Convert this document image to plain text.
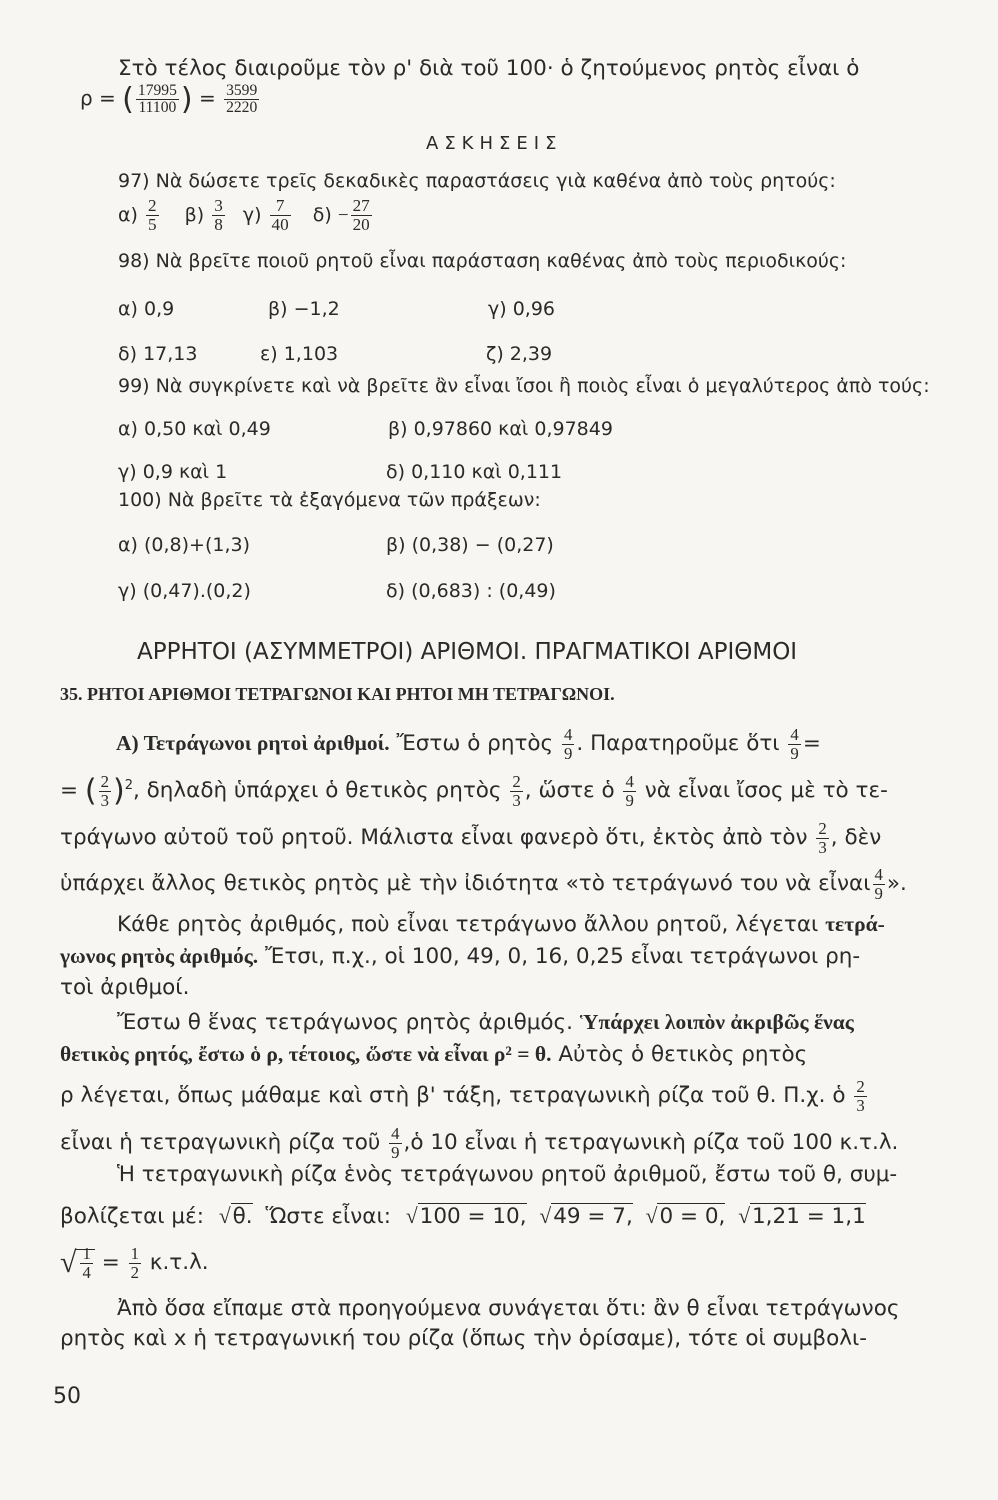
Στὸ τέλος διαιροῦμε τὸν ρ' διὰ τοῦ 100· ὁ ζητούμενος ρητὸς εἶναι ὁ
ρ = ( $\frac{17995}{11100}$ ) = $\frac{3599}{2220}$
ΑΣΚΗΣΕΙΣ
97) Νὰ δώσετε τρεῖς δεκαδικὲς παραστάσεις γιὰ καθένα ἀπὸ τοὺς ρητούς:
$\alpha) \frac{2}{5} \beta) \frac{3}{8} \gamma) \frac{7}{40} \delta) - \frac{27}{20}$
98) Νὰ βρεῖτε ποιοῦ ρητοῦ εἶναι παράσταση καθένας ἀπὸ τοὺς περιοδικούς:
α) 0,9	β) −1,2	γ) 0,96
δ) 17,13	ε) 1,103	ζ) 2,39
99) Νὰ συγκρίνετε καὶ νὰ βρεῖτε ἂν εἶναι ἴσοι ἢ ποιὸς εἶναι ὁ μεγαλύτερος ἀπὸ τούς:
α) 0,50 καὶ 0,49	β) 0,97860 καὶ 0,97849
γ) 0,9 καὶ 1	δ) 0,110 καὶ 0,111
100) Νὰ βρεῖτε τὰ ἐξαγόμενα τῶν πράξεων:
α) (0,8)+(1,3)	β) (0,38) − (0,27)
γ) (0,47).(0,2)	δ) (0,683) : (0,49)
ΑΡΡΗΤΟΙ (ΑΣΥΜΜΕΤΡΟΙ) ΑΡΙΘΜΟΙ. ΠΡΑΓΜΑΤΙΚΟΙ ΑΡΙΘΜΟΙ
35. ΡΗΤΟΙ ΑΡΙΘΜΟΙ ΤΕΤΡΑΓΩΝΟΙ ΚΑΙ ΡΗΤΟΙ ΜΗ ΤΕΤΡΑΓΩΝΟΙ.
Α) Τετράγωνοι ρητοὶ ἀριθμοί. Ἔστω ὁ ρητὸς $\frac{4}{9}$ . Παρατηροῦμε ὅτι $\frac{4}{9}$ =
= ( $\frac{2}{3} )^2$, δηλαδὴ ὑπάρχει ὁ θετικὸς ρητὸς $\frac{2}{3}$ , ὥστε ὁ $\frac{4}{9}$ νὰ εἶναι ἴσος μὲ τὸ τε-
τράγωνο αὐτοῦ τοῦ ρητοῦ. Μάλιστα εἶναι φανερὸ ὅτι, ἐκτὸς ἀπὸ τὸν $\frac{2}{3}$ , δὲν
ὑπάρχει ἄλλος θετικὸς ρητὸς μὲ τὴν ἰδιότητα «τὸ τετράγωνό του νὰ εἶναι $\frac{4}{9}$ ».
Κάθε ρητὸς ἀριθμός, ποὺ εἶναι τετράγωνο ἄλλου ρητοῦ, λέγεται τετρά-
γωνος ρητὸς ἀριθμός. Ἔτσι, π.χ., οἱ 100, 49, 0, 16, 0,25 εἶναι τετράγωνοι ρη-
τοὶ ἀριθμοί.
Ἔστω θ ἕνας τετράγωνος ρητὸς ἀριθμός. Ὑπάρχει λοιπὸν ἀκριβῶς ἕνας
θετικὸς ρητός, ἔστω ὁ ρ, τέτοιος, ὥστε νὰ εἶναι ρ² = θ. Αὐτὸς ὁ θετικὸς ρητὸς
ρ λέγεται, ὅπως μάθαμε καὶ στὴ β' τάξη, τετραγωνικὴ ρίζα τοῦ θ. Π.χ. ὁ $\frac{2}{3}$
εἶναι ἡ τετραγωνικὴ ρίζα τοῦ $\frac{4}{9}$ ,ὁ 10 εἶναι ἡ τετραγωνικὴ ρίζα τοῦ 100 κ.τ.λ.
Ἡ τετραγωνικὴ ρίζα ἑνὸς τετράγωνου ρητοῦ ἀριθμοῦ, ἔστω τοῦ θ, συμ-
βολίζεται μέ: √θ. Ὥστε εἶναι: √100 = 10, √49 = 7, √0 = 0, √1,21 = 1,1
√ $\frac{1}{4} = \frac{1}{2} \kappa.\tau.\lambda$.
Ἀπὸ ὅσα εἴπαμε στὰ προηγούμενα συνάγεται ὅτι: ἂν θ εἶναι τετράγωνος
ρητὸς καὶ x ἡ τετραγωνική του ρίζα (ὅπως τὴν ὁρίσαμε), τότε οἱ συμβολι-
50
